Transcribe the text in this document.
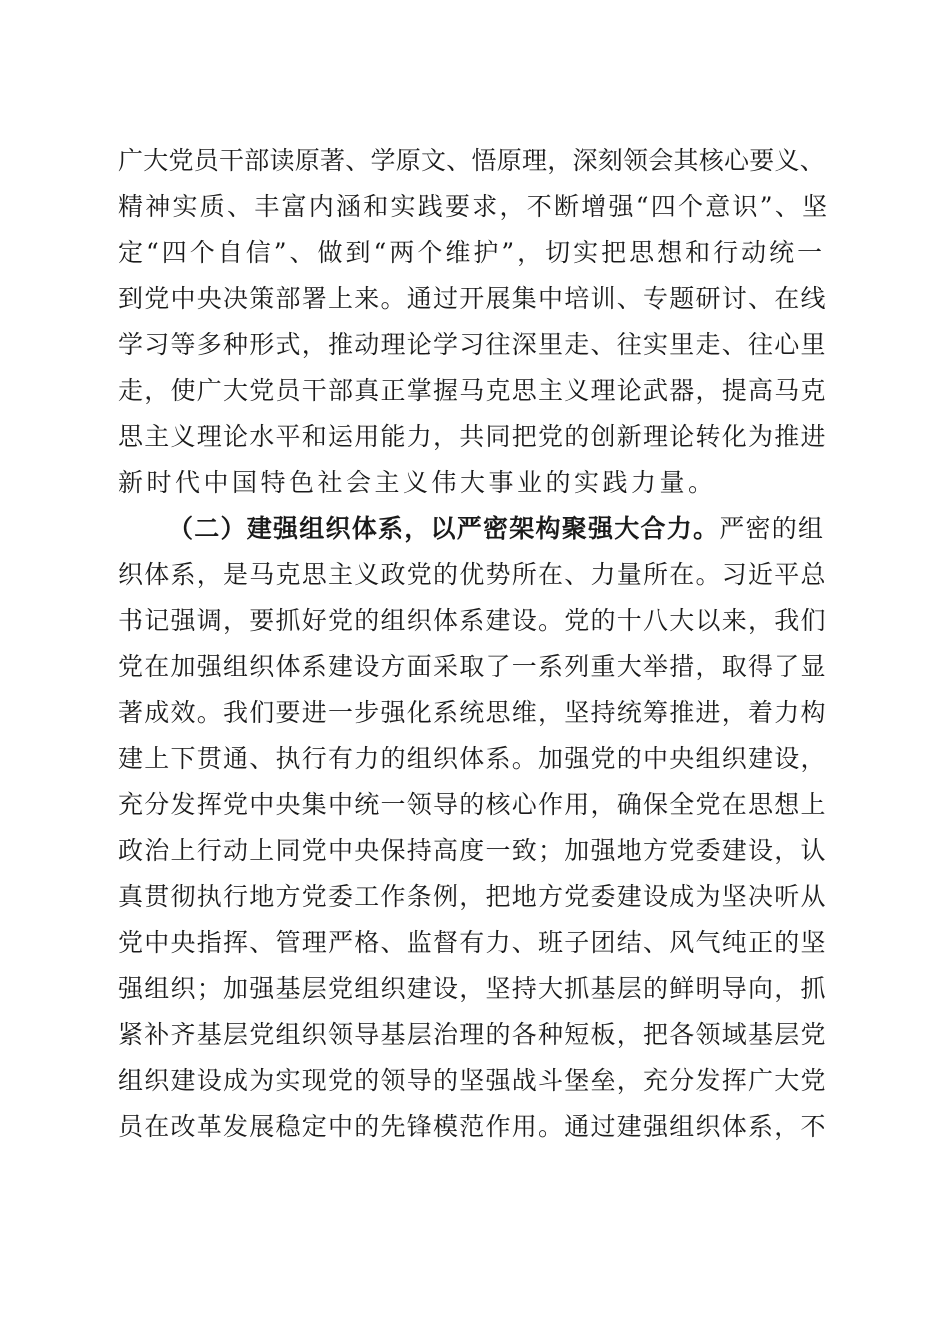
广大党员干部读原著、学原文、悟原理，深刻领会其核心要义、
精神实质、丰富内涵和实践要求，不断增强“四个意识”、坚
定“四个自信”、做到“两个维护”，切实把思想和行动统一
到党中央决策部署上来。通过开展集中培训、专题研讨、在线
学习等多种形式，推动理论学习往深里走、往实里走、往心里
走，使广大党员干部真正掌握马克思主义理论武器，提高马克
思主义理论水平和运用能力，共同把党的创新理论转化为推进
新时代中国特色社会主义伟大事业的实践力量。
（二）建强组织体系，以严密架构聚强大合力。严密的组
织体系，是马克思主义政党的优势所在、力量所在。习近平总
书记强调，要抓好党的组织体系建设。党的十八大以来，我们
党在加强组织体系建设方面采取了一系列重大举措，取得了显
著成效。我们要进一步强化系统思维，坚持统筹推进，着力构
建上下贯通、执行有力的组织体系。加强党的中央组织建设，
充分发挥党中央集中统一领导的核心作用，确保全党在思想上
政治上行动上同党中央保持高度一致；加强地方党委建设，认
真贯彻执行地方党委工作条例，把地方党委建设成为坚决听从
党中央指挥、管理严格、监督有力、班子团结、风气纯正的坚
强组织；加强基层党组织建设，坚持大抓基层的鲜明导向，抓
紧补齐基层党组织领导基层治理的各种短板，把各领域基层党
组织建设成为实现党的领导的坚强战斗堡垒，充分发挥广大党
员在改革发展稳定中的先锋模范作用。通过建强组织体系，不
